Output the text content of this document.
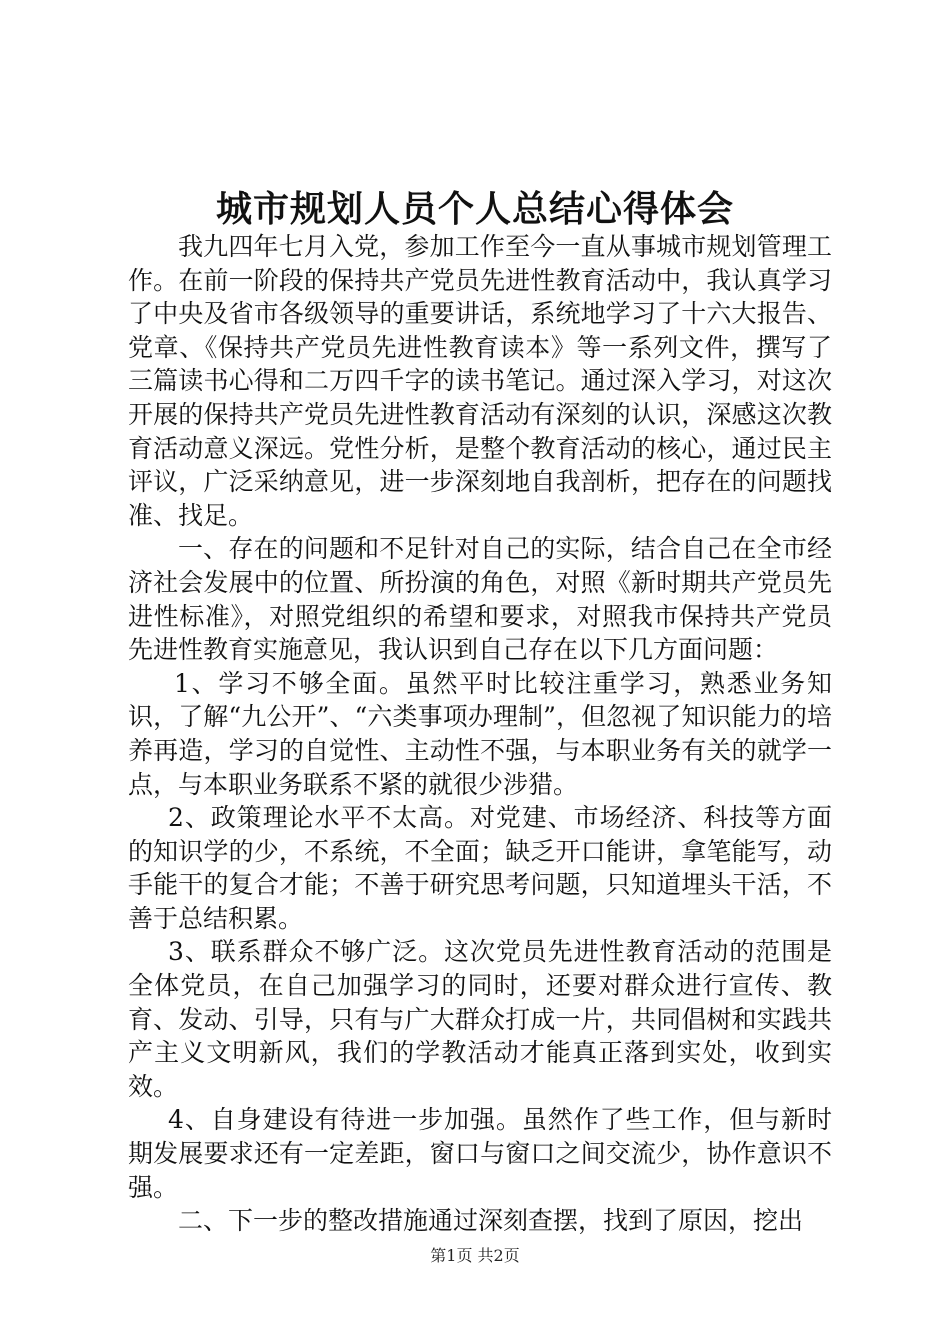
城市规划人员个人总结心得体会

我九四年七月入党，参加工作至今一直从事城市规划管理工作。在前一阶段的保持共产党员先进性教育活动中，我认真学习了中央及省市各级领导的重要讲话，系统地学习了十六大报告、党章、《保持共产党员先进性教育读本》等一系列文件，撰写了三篇读书心得和二万四千字的读书笔记。通过深入学习，对这次开展的保持共产党员先进性教育活动有深刻的认识，深感这次教育活动意义深远。党性分析，是整个教育活动的核心，通过民主评议，广泛采纳意见，进一步深刻地自我剖析，把存在的问题找准、找足。

一、存在的问题和不足针对自己的实际，结合自己在全市经济社会发展中的位置、所扮演的角色，对照《新时期共产党员先进性标准》，对照党组织的希望和要求，对照我市保持共产党员先进性教育实施意见，我认识到自己存在以下几方面问题：

1、学习不够全面。虽然平时比较注重学习，熟悉业务知识，了解“九公开”、“六类事项办理制”，但忽视了知识能力的培养再造，学习的自觉性、主动性不强，与本职业务有关的就学一点，与本职业务联系不紧的就很少涉猎。

2、政策理论水平不太高。对党建、市场经济、科技等方面的知识学的少，不系统，不全面；缺乏开口能讲，拿笔能写，动手能干的复合才能；不善于研究思考问题，只知道埋头干活，不善于总结积累。

3、联系群众不够广泛。这次党员先进性教育活动的范围是全体党员，在自己加强学习的同时，还要对群众进行宣传、教育、发动、引导，只有与广大群众打成一片，共同倡树和实践共产主义文明新风，我们的学教活动才能真正落到实处，收到实效。

4、自身建设有待进一步加强。虽然作了些工作，但与新时期发展要求还有一定差距，窗口与窗口之间交流少，协作意识不强。

二、下一步的整改措施通过深刻查摆，找到了原因，挖出

第1页 共2页
